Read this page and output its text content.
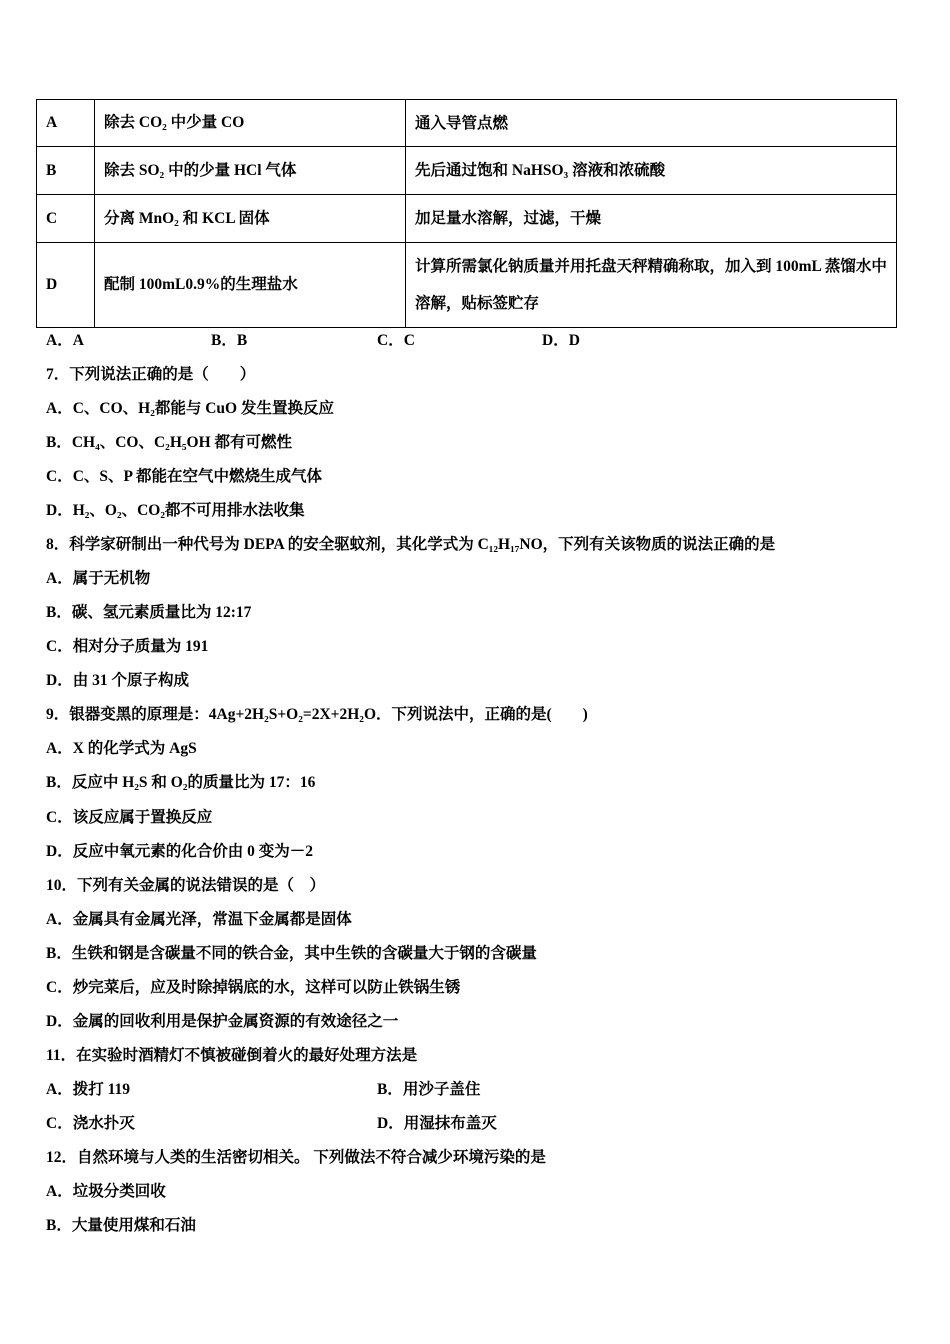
A	除去 CO₂ 中少量 CO	通入导管点燃
B	除去 SO₂ 中的少量 HCl 气体	先后通过饱和 NaHSO₃ 溶液和浓硫酸
C	分离 MnO₂ 和 KCL 固体	加足量水溶解，过滤，干燥
D	配制 100mL0.9%的生理盐水	计算所需氯化钠质量并用托盘天秤精确称取，加入到 100mL 蒸馏水中溶解，贴标签贮存
A．A	B．B	C．C	D．D
7．下列说法正确的是（　　）
A．C、CO、H₂都能与 CuO 发生置换反应
B．CH₄、CO、C₂H₅OH 都有可燃性
C．C、S、P 都能在空气中燃烧生成气体
D．H₂、O₂、CO₂都不可用排水法收集
8．科学家研制出一种代号为 DEPA 的安全驱蚊剂，其化学式为 C₁₂H₁₇NO，下列有关该物质的说法正确的是
A．属于无机物
B．碳、氢元素质量比为 12:17
C．相对分子质量为 191
D．由 31 个原子构成
9．银器变黑的原理是：4Ag+2H₂S+O₂=2X+2H₂O．下列说法中，正确的是(　　)
A．X 的化学式为 AgS
B．反应中 H₂S 和 O₂的质量比为 17：16
C．该反应属于置换反应
D．反应中氧元素的化合价由 0 变为－2
10．下列有关金属的说法错误的是（　）
A．金属具有金属光泽，常温下金属都是固体
B．生铁和钢是含碳量不同的铁合金，其中生铁的含碳量大于钢的含碳量
C．炒完菜后，应及时除掉锅底的水，这样可以防止铁锅生锈
D．金属的回收利用是保护金属资源的有效途径之一
11．在实验时酒精灯不慎被碰倒着火的最好处理方法是
A．拨打 119	B．用沙子盖住
C．浇水扑灭	D．用湿抹布盖灭
12．自然环境与人类的生活密切相关。 下列做法不符合减少环境污染的是
A．垃圾分类回收
B．大量使用煤和石油
